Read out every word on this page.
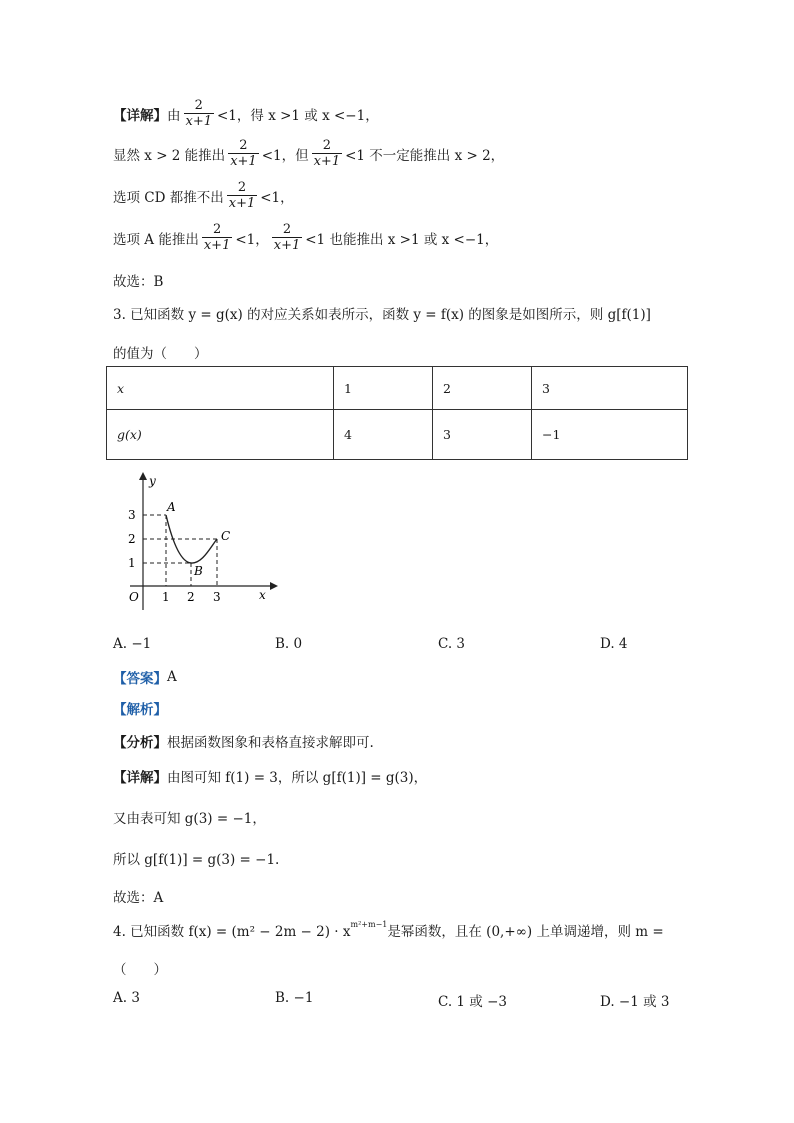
【详解】 由 $\frac{2}{x+1} <1$，得 x >1 或 x <−1，
显然 x > 2 能推出 $\frac{2}{x+1} <1$，但 $\frac{2}{x+1} <1$ 不一定能推出 x > 2，
选项 CD 都推不出 $\frac{2}{x+1} <1$，
选项 A 能推出 $\frac{2}{x+1} <1$， $\frac{2}{x+1} <1$ 也能推出 x >1 或 x <−1，
故选：B
3. 已知函数 y = g(x) 的对应关系如表所示，函数 y = f(x) 的图象是如图所示，则 g[f(1)]
的值为（　　）
x	1	2	3
g(x)	4	3	−1
y
x
O
A
B
C
1 2 3
1
2
3
A. −1	B. 0	C. 3	D. 4
【答案】 A
【解析】
【分析】 根据函数图象和表格直接求解即可.
【详解】 由图可知 f(1) = 3，所以 g[f(1)] = g(3)，
又由表可知 g(3) = −1，
所以 g[f(1)] = g(3) = −1.
故选：A
4. 已知函数 $f(x) = (m^2 - 2m - 2) \cdot x^{m^2+m-1}$ 是幂函数，且在 (0,+∞) 上单调递增，则 m =
（　　）
A. 3	B. −1	C. 1 或 −3	D. −1 或 3
